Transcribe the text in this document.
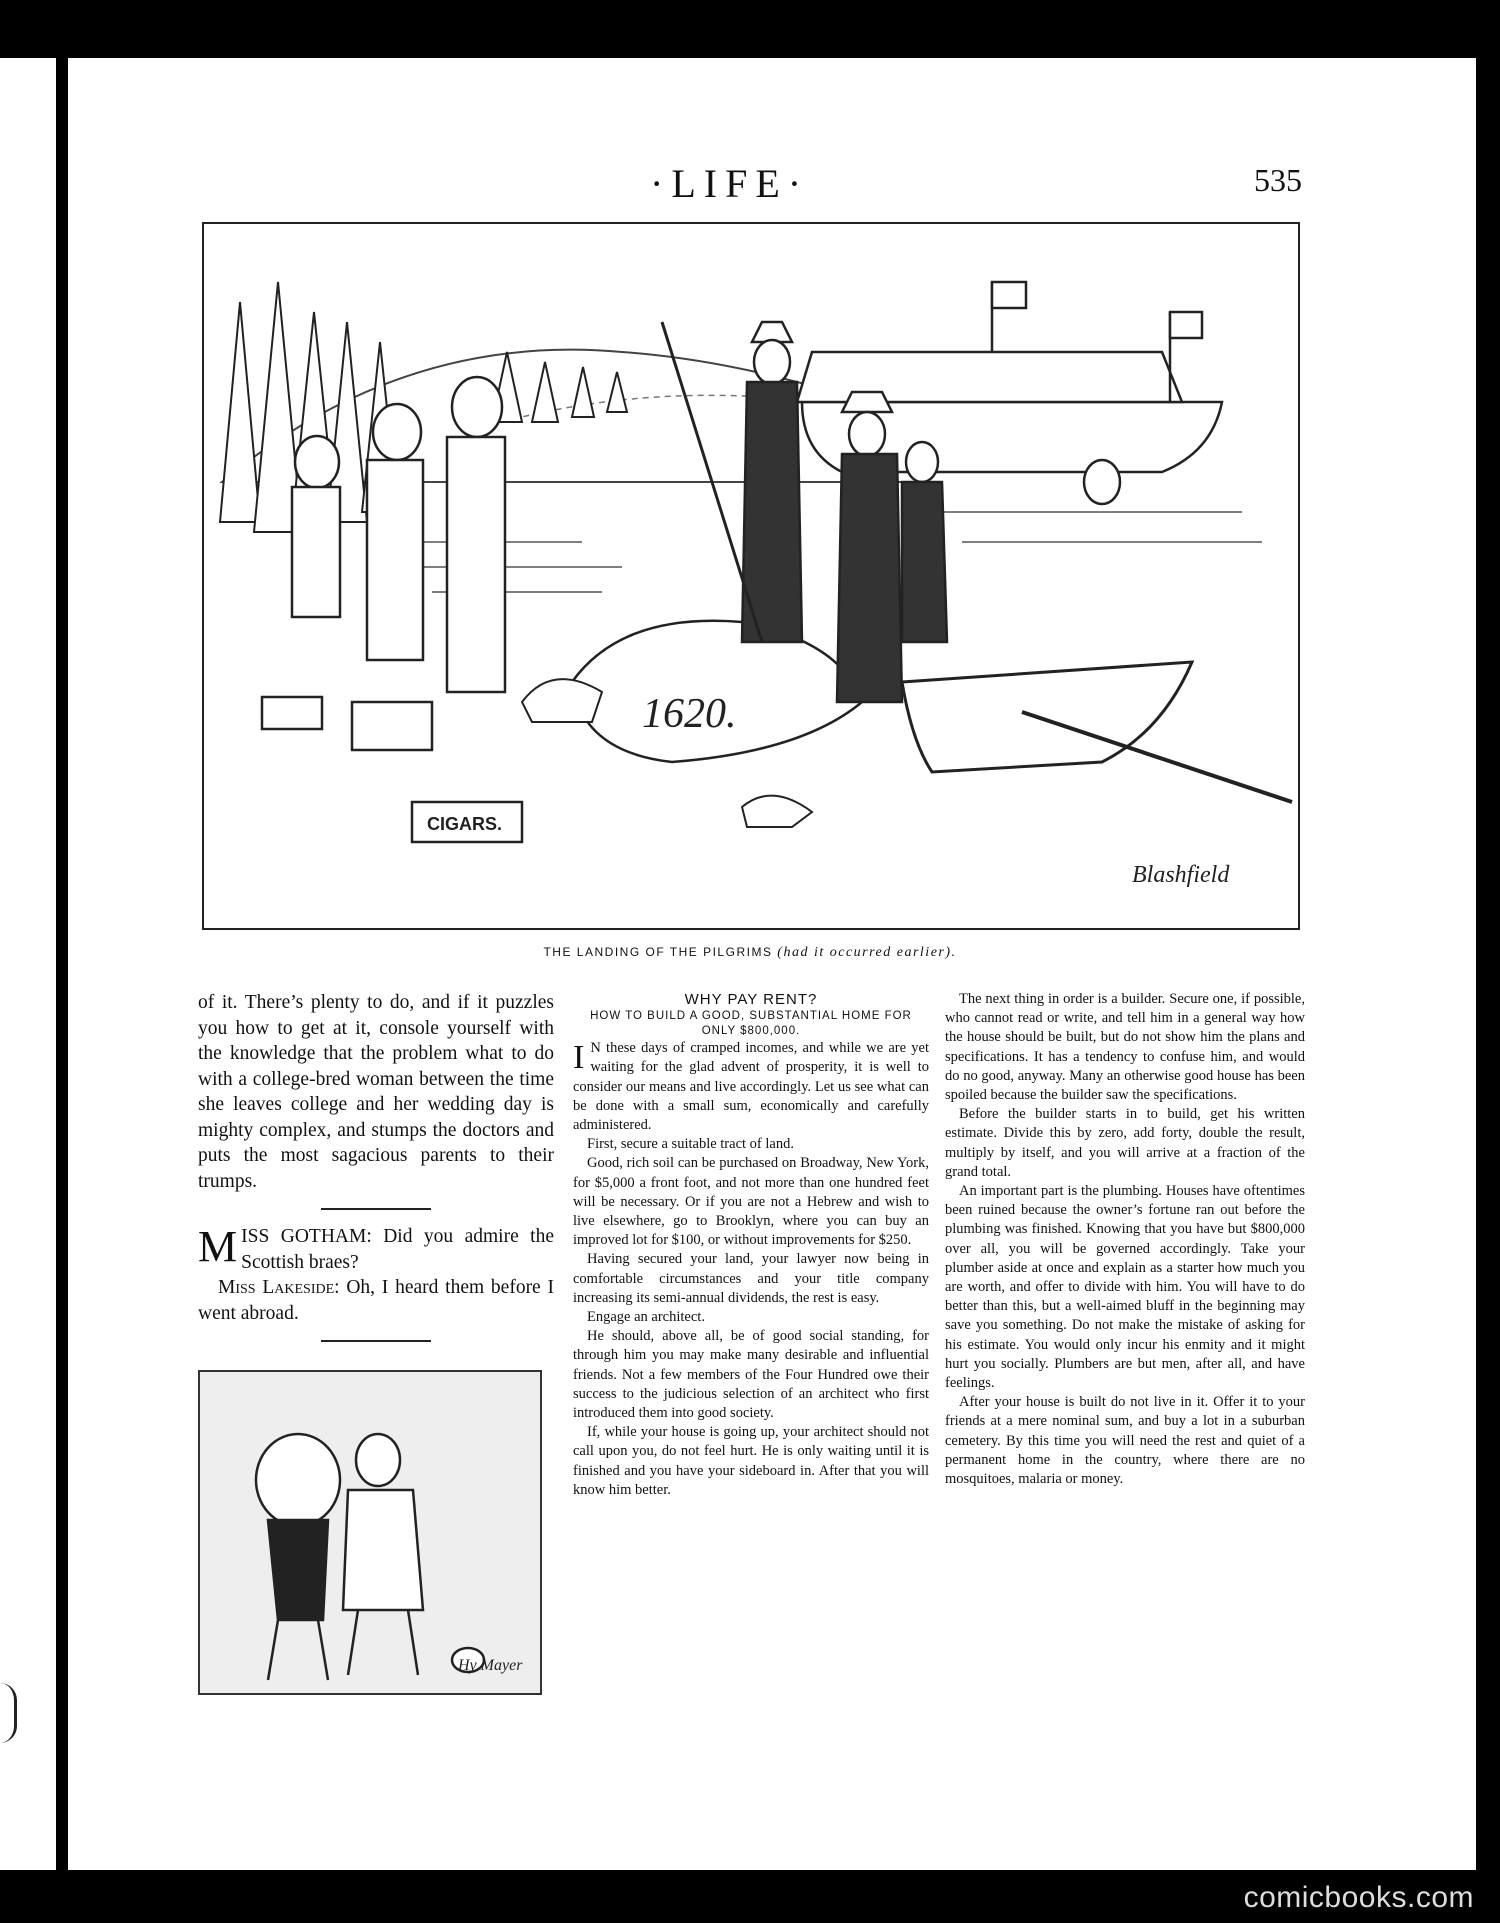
·LIFE·	535
1620.
CIGARS.
Blashfield
THE LANDING OF THE PILGRIMS (had it occurred earlier).

of it. There’s plenty to do, and if it puzzles you how to get at it, console yourself with the knowledge that the problem what to do with a college-bred woman between the time she leaves college and her wedding day is mighty complex, and stumps the doctors and puts the most sagacious parents to their trumps.

MISS GOTHAM: Did you admire the Scottish braes?

Miss Lakeside: Oh, I heard them before I went abroad.

Hy Mayer

WHY PAY RENT?

HOW TO BUILD A GOOD, SUBSTANTIAL HOME FOR ONLY $800,000.

I N these days of cramped incomes, and while we are yet waiting for the glad advent of prosperity, it is well to consider our means and live accordingly. Let us see what can be done with a small sum, economically and carefully administered.

First, secure a suitable tract of land.

Good, rich soil can be purchased on Broadway, New York, for $5,000 a front foot, and not more than one hundred feet will be necessary. Or if you are not a Hebrew and wish to live elsewhere, go to Brooklyn, where you can buy an improved lot for $100, or without improvements for $250.

Having secured your land, your lawyer now being in comfortable circumstances and your title company increasing its semi-annual dividends, the rest is easy.

Engage an architect.

He should, above all, be of good social standing, for through him you may make many desirable and influential friends. Not a few members of the Four Hundred owe their success to the judicious selection of an architect who first introduced them into good society.

If, while your house is going up, your architect should not call upon you, do not feel hurt. He is only waiting until it is finished and you have your sideboard in. After that you will know him better.

The next thing in order is a builder. Secure one, if possible, who cannot read or write, and tell him in a general way how the house should be built, but do not show him the plans and specifications. It has a tendency to confuse him, and would do no good, anyway. Many an otherwise good house has been spoiled because the builder saw the specifications.

Before the builder starts in to build, get his written estimate. Divide this by zero, add forty, double the result, multiply by itself, and you will arrive at a fraction of the grand total.

An important part is the plumbing. Houses have oftentimes been ruined because the owner’s fortune ran out before the plumbing was finished. Knowing that you have but $800,000 over all, you will be governed accordingly. Take your plumber aside at once and explain as a starter how much you are worth, and offer to divide with him. You will have to do better than this, but a well-aimed bluff in the beginning may save you something. Do not make the mistake of asking for his estimate. You would only incur his enmity and it might hurt you socially. Plumbers are but men, after all, and have feelings.

After your house is built do not live in it. Offer it to your friends at a mere nominal sum, and buy a lot in a suburban cemetery. By this time you will need the rest and quiet of a permanent home in the country, where there are no mosquitoes, malaria or money.

comicbooks.com
